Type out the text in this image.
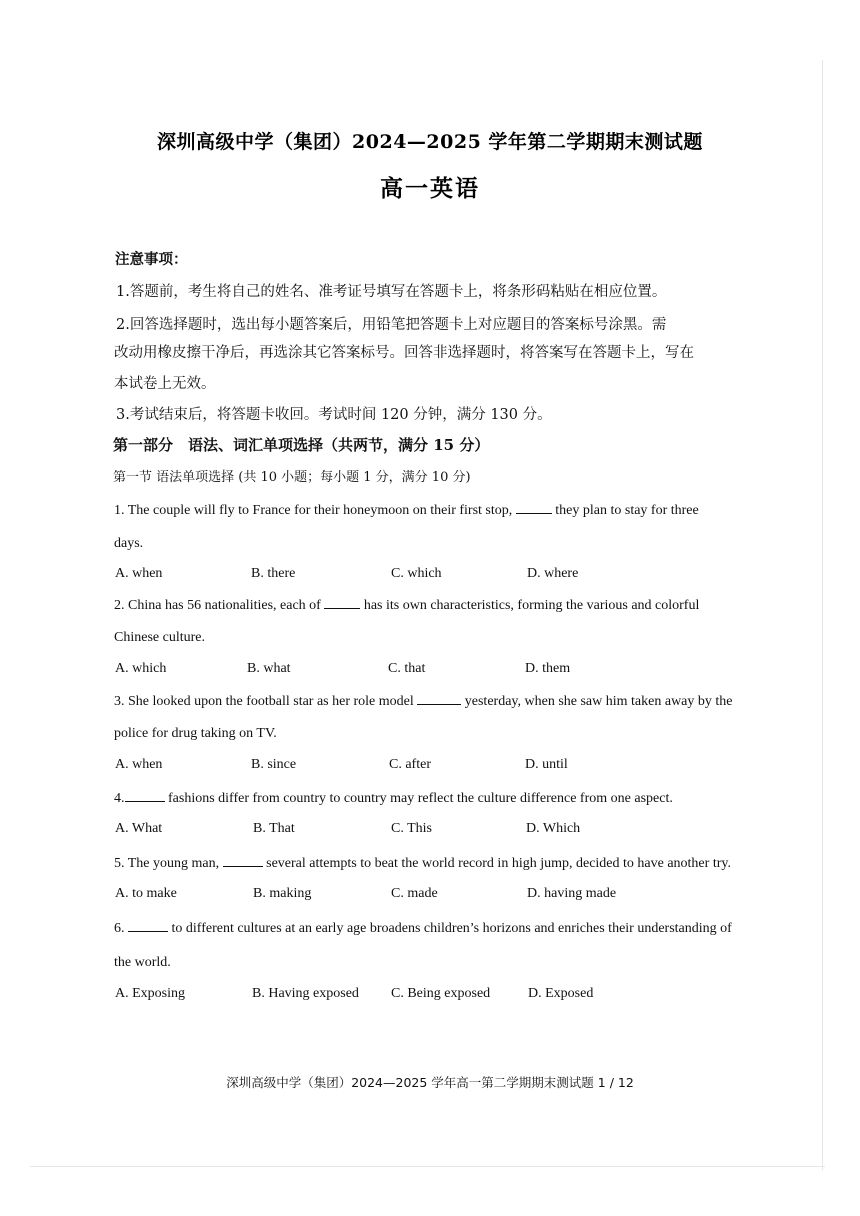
深圳高级中学（集团）2024—2025 学年第二学期期末测试题
高一英语
注意事项：
1.答题前，考生将自己的姓名、准考证号填写在答题卡上，将条形码粘贴在相应位置。
2.回答选择题时，选出每小题答案后，用铅笔把答题卡上对应题目的答案标号涂黑。需
改动用橡皮擦干净后，再选涂其它答案标号。回答非选择题时，将答案写在答题卡上，写在
本试卷上无效。
3.考试结束后，将答题卡收回。考试时间 120 分钟，满分 130 分。
第一部分　语法、词汇单项选择（共两节，满分 15 分）
第一节 语法单项选择 (共 10 小题；每小题 1 分，满分 10 分)
1. The couple will fly to France for their honeymoon on their first stop,	they plan to stay for three
days.
A. when	B. there	C. which	D. where
2. China has 56 nationalities, each of	has its own characteristics, forming the various and colorful
Chinese culture.
A. which	B. what	C. that	D. them
3. She looked upon the football star as her role model	yesterday, when she saw him taken away by the
police for drug taking on TV.
A. when	B. since	C. after	D. until
4.	fashions differ from country to country may reflect the culture difference from one aspect.
A. What	B. That	C. This	D. Which
5. The young man,	several attempts to beat the world record in high jump, decided to have another try.
A. to make	B. making	C. made	D. having made
6.	to different cultures at an early age broadens children’s horizons and enriches their understanding of
the world.
A. Exposing	B. Having exposed C. Being exposed	D. Exposed
深圳高级中学（集团）2024—2025 学年高一第二学期期末测试题 1 / 12
